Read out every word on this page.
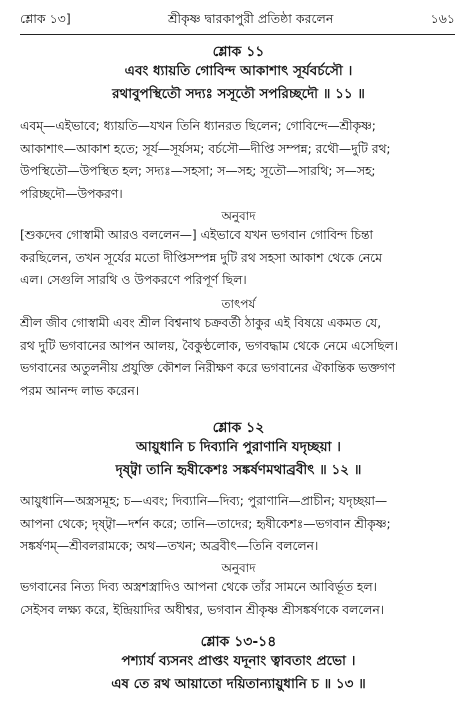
শ্লোক ১৩]	শ্রীকৃষ্ণ দ্বারকাপুরী প্রতিষ্ঠা করলেন	১৬১
শ্লোক ১১
এবং ধ্যায়তি গোবিন্দ আকাশাৎ সূর্যবর্চসৌ ।
রথাবুপস্থিতৌ সদ্যঃ সসূতৌ সপরিচ্ছদৌ ॥ ১১ ॥
এবম্—এইভাবে; ধ্যায়তি—যখন তিনি ধ্যানরত ছিলেন; গোবিন্দে—শ্রীকৃষ্ণ;
আকাশাৎ—আকাশ হতে; সূর্য—সূর্যসম; বর্চসৌ—দীপ্তি সম্পন্ন; রথৌ—দুটি রথ;
উপস্থিতৌ—উপস্থিত হল; সদ্যঃ—সহসা; স—সহ; সূতৌ—সারথি; স—সহ;
পরিচ্ছদৌ—উপকরণ।
অনুবাদ
[শুকদেব গোস্বামী আরও বললেন—] এইভাবে যখন ভগবান গোবিন্দ চিন্তা
করছিলেন, তখন সূর্যের মতো দীপ্তিসম্পন্ন দুটি রথ সহসা আকাশ থেকে নেমে
এল। সেগুলি সারথি ও উপকরণে পরিপূর্ণ ছিল।
তাৎপর্য
শ্রীল জীব গোস্বামী এবং শ্রীল বিশ্বনাথ চক্রবর্তী ঠাকুর এই বিষয়ে একমত যে,
রথ দুটি ভগবানের আপন আলয়, বৈকুণ্ঠলোক, ভগবদ্ধাম থেকে নেমে এসেছিল।
ভগবানের অতুলনীয় প্রযুক্তি কৌশল নিরীক্ষণ করে ভগবানের ঐকান্তিক ভক্তগণ
পরম আনন্দ লাভ করেন।
শ্লোক ১২
আয়ুধানি চ দিব্যানি পুরাণানি যদৃচ্ছয়া ।
দৃষ্ট্বা তানি হৃষীকেশঃ সঙ্কর্ষণমথাব্রবীৎ ॥ ১২ ॥
আয়ুধানি—অস্ত্রসমূহ; চ—এবং; দিব্যানি—দিব্য; পুরাণানি—প্রাচীন; যদৃচ্ছয়া—
আপনা থেকে; দৃষ্ট্বা—দর্শন করে; তানি—তাদের; হৃষীকেশঃ—ভগবান শ্রীকৃষ্ণ;
সঙ্কর্ষণম্—শ্রীবলরামকে; অথ—তখন; অব্রবীৎ—তিনি বললেন।
অনুবাদ
ভগবানের নিত্য দিব্য অস্ত্রশস্ত্রাদিও আপনা থেকে তাঁর সামনে আবির্ভূত হল।
সেইসব লক্ষ্য করে, ইন্দ্রিয়াদির অধীশ্বর, ভগবান শ্রীকৃষ্ণ শ্রীসঙ্কর্ষণকে বললেন।
শ্লোক ১৩-১৪
পশ্যার্য ব্যসনং প্রাপ্তং যদূনাং ত্বাবতাং প্রভো ।
এষ তে রথ আয়াতো দয়িতান্যায়ুধানি চ ॥ ১৩ ॥
